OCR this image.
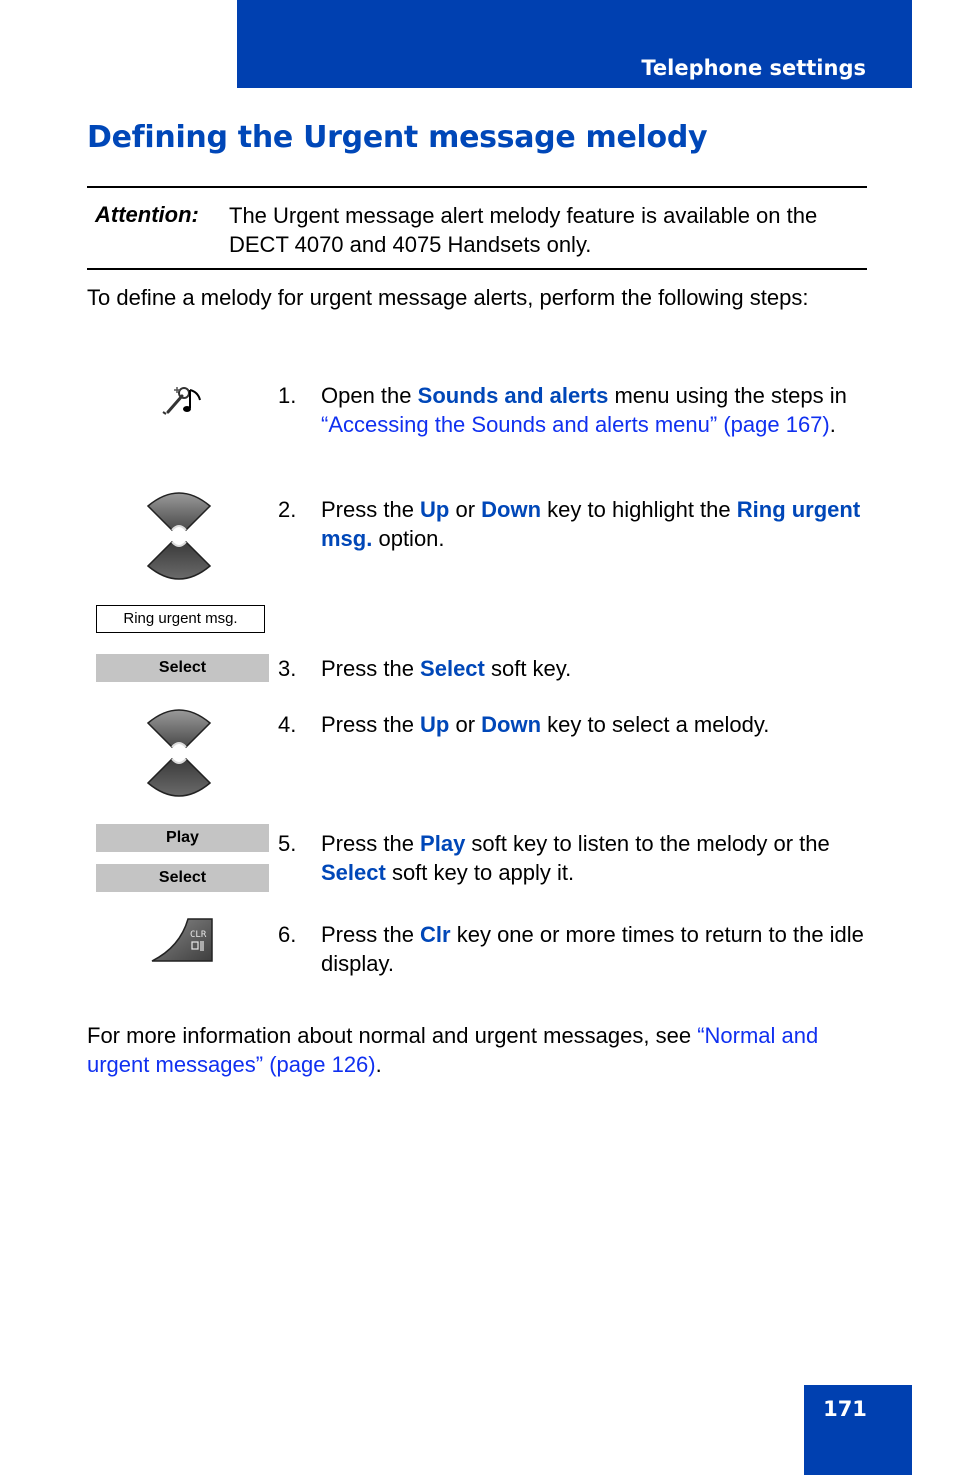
Telephone settings
Defining the Urgent message melody
Attention: The Urgent message alert melody feature is available on the DECT 4070 and 4075 Handsets only.
To define a melody for urgent message alerts, perform the following steps:
1. Open the Sounds and alerts menu using the steps in “Accessing the Sounds and alerts menu” (page 167).
2. Press the Up or Down key to highlight the Ring urgent msg. option.
Ring urgent msg.
Select	3. Press the Select soft key.
4. Press the Up or Down key to select a melody.
Play
Select
5. Press the Play soft key to listen to the melody or the Select soft key to apply it.
CLR	6. Press the Clr key one or more times to return to the idle display.
For more information about normal and urgent messages, see “Normal and urgent messages” (page 126).
171
